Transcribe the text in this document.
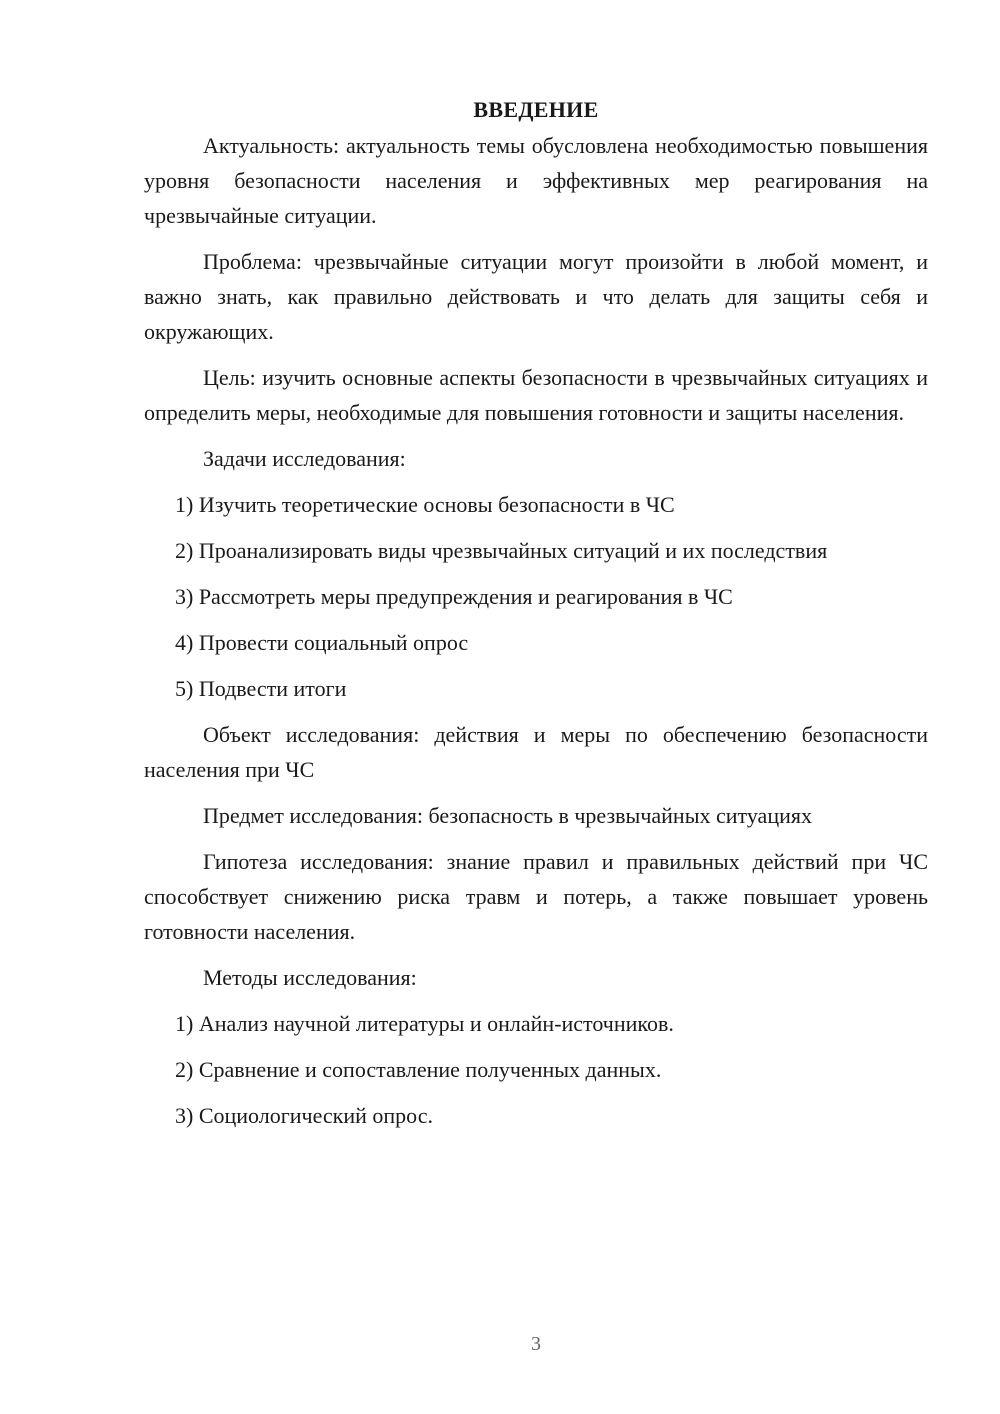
ВВЕДЕНИЕ

Актуальность: актуальность темы обусловлена необходимостью повышения уровня безопасности населения и эффективных мер реагирования на чрезвычайные ситуации.

Проблема: чрезвычайные ситуации могут произойти в любой момент, и важно знать, как правильно действовать и что делать для защиты себя и окружающих.

Цель: изучить основные аспекты безопасности в чрезвычайных ситуациях и определить меры, необходимые для повышения готовности и защиты населения.

Задачи исследования:

1) Изучить теоретические основы безопасности в ЧС
2) Проанализировать виды чрезвычайных ситуаций и их последствия
3) Рассмотреть меры предупреждения и реагирования в ЧС
4) Провести социальный опрос
5) Подвести итоги

Объект исследования: действия и меры по обеспечению безопасности населения при ЧС

Предмет исследования: безопасность в чрезвычайных ситуациях

Гипотеза исследования: знание правил и правильных действий при ЧС способствует снижению риска травм и потерь, а также повышает уровень готовности населения.

Методы исследования:

1) Анализ научной литературы и онлайн-источников.
2) Сравнение и сопоставление полученных данных.
3) Социологический опрос.
3
